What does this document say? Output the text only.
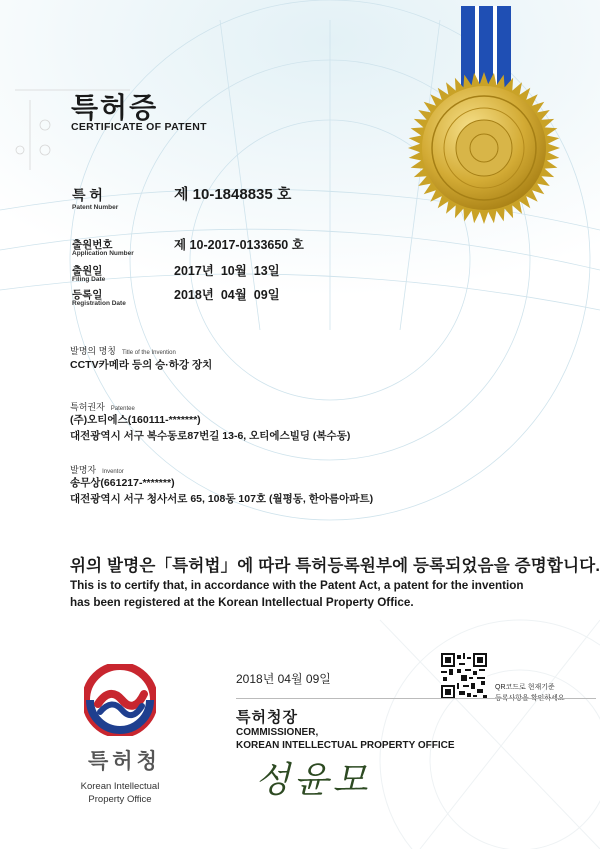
특허증
CERTIFICATE OF PATENT
특 허
Patent Number
제 10-1848835 호
출원번호
Application Number
제 10-2017-0133650 호
출원일
Filing Date
2017년  10월  13일
등록일
Registration Date
2018년  04월  09일
발명의 명칭 Title of the Invention
CCTV카메라 등의 승·하강 장치
특허권자 Patentee
(주)오티에스(160111-*******)
대전광역시 서구 복수동로87번길 13-6, 오티에스빌딩 (복수동)
발명자 Inventor
송무상(661217-*******)
대전광역시 서구 청사서로 65, 108동 107호 (월평동, 한아름아파트)
위의 발명은「특허법」에 따라 특허등록원부에 등록되었음을 증명합니다.
This is to certify that, in accordance with the Patent Act, a patent for the invention
has been registered at the Korean Intellectual Property Office.
2018년 04월 09일
QR코드로 현재기준
특허청장
COMMISSIONER,
KOREAN INTELLECTUAL PROPERTY OFFICE
성윤모
특허청
Korean Intellectual
Property Office
